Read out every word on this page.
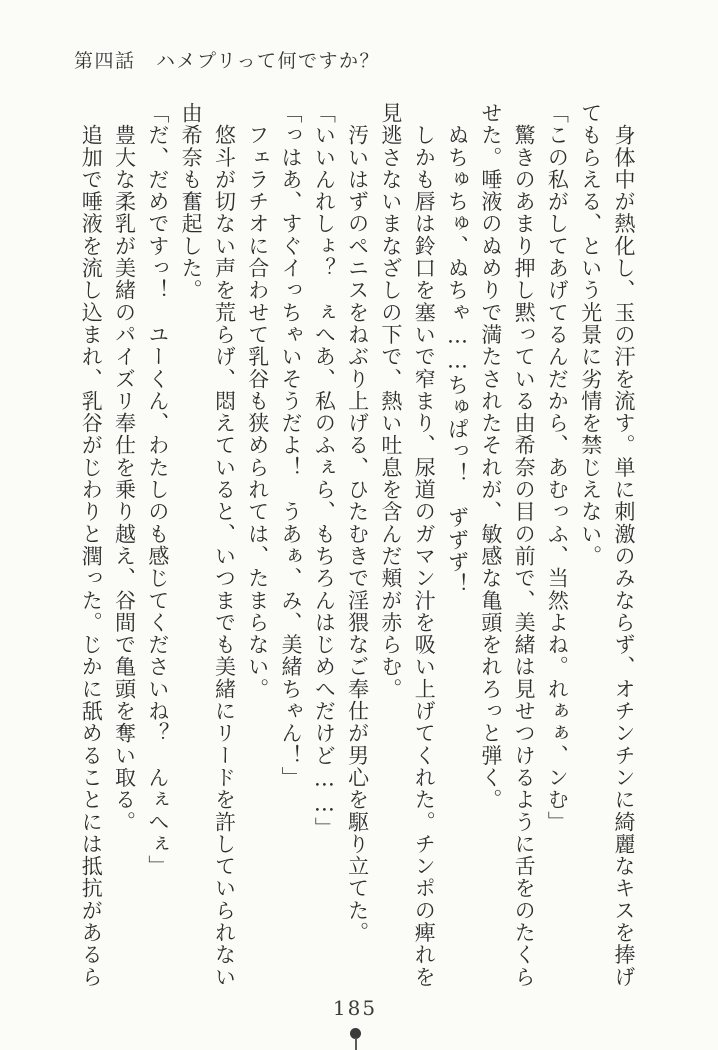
第四話　ハメプリって何ですか？

　身体中が熱化し、玉の汗を流す。単に刺激のみならず、オチンチンに綺麗なキスを捧げてもらえる、という光景に劣情を禁じえない。

「この私がしてあげてるんだから、あむっふ、当然よね。れぁぁ、ンむ」

　驚きのあまり押し黙っている由希奈の目の前で、美緒は見せつけるように舌をのたくらせた。唾液のぬめりで満たされたそれが、敏感な亀頭をれろっと弾く。

　ぬちゅちゅ、ぬちゃ……ちゅぱっ！　ずずず！

　しかも唇は鈴口を塞いで窄まり、尿道のガマン汁を吸い上げてくれた。チンポの痺れを見逃さないまなざしの下で、熱い吐息を含んだ頬が赤らむ。

　汚いはずのペニスをねぶり上げる、ひたむきで淫猥なご奉仕が男心を駆り立てた。

「いいんれしょ？　ぇへあ、私のふぇら、もちろんはじめへだけど……」

「っはあ、すぐイっちゃいそうだよ！　うあぁ、み、美緒ちゃん！」

　フェラチオに合わせて乳谷も狭められては、たまらない。

　悠斗が切ない声を荒らげ、悶えていると、いつまでも美緒にリードを許していられない由希奈も奮起した。

「だ、だめですっ！　ユーくん、わたしのも感じてくださいね？　んぇへぇ」

　豊大な柔乳が美緒のパイズリ奉仕を乗り越え、谷間で亀頭を奪い取る。

　追加で唾液を流し込まれ、乳谷がじわりと潤った。じかに舐めることには抵抗があるら

185
